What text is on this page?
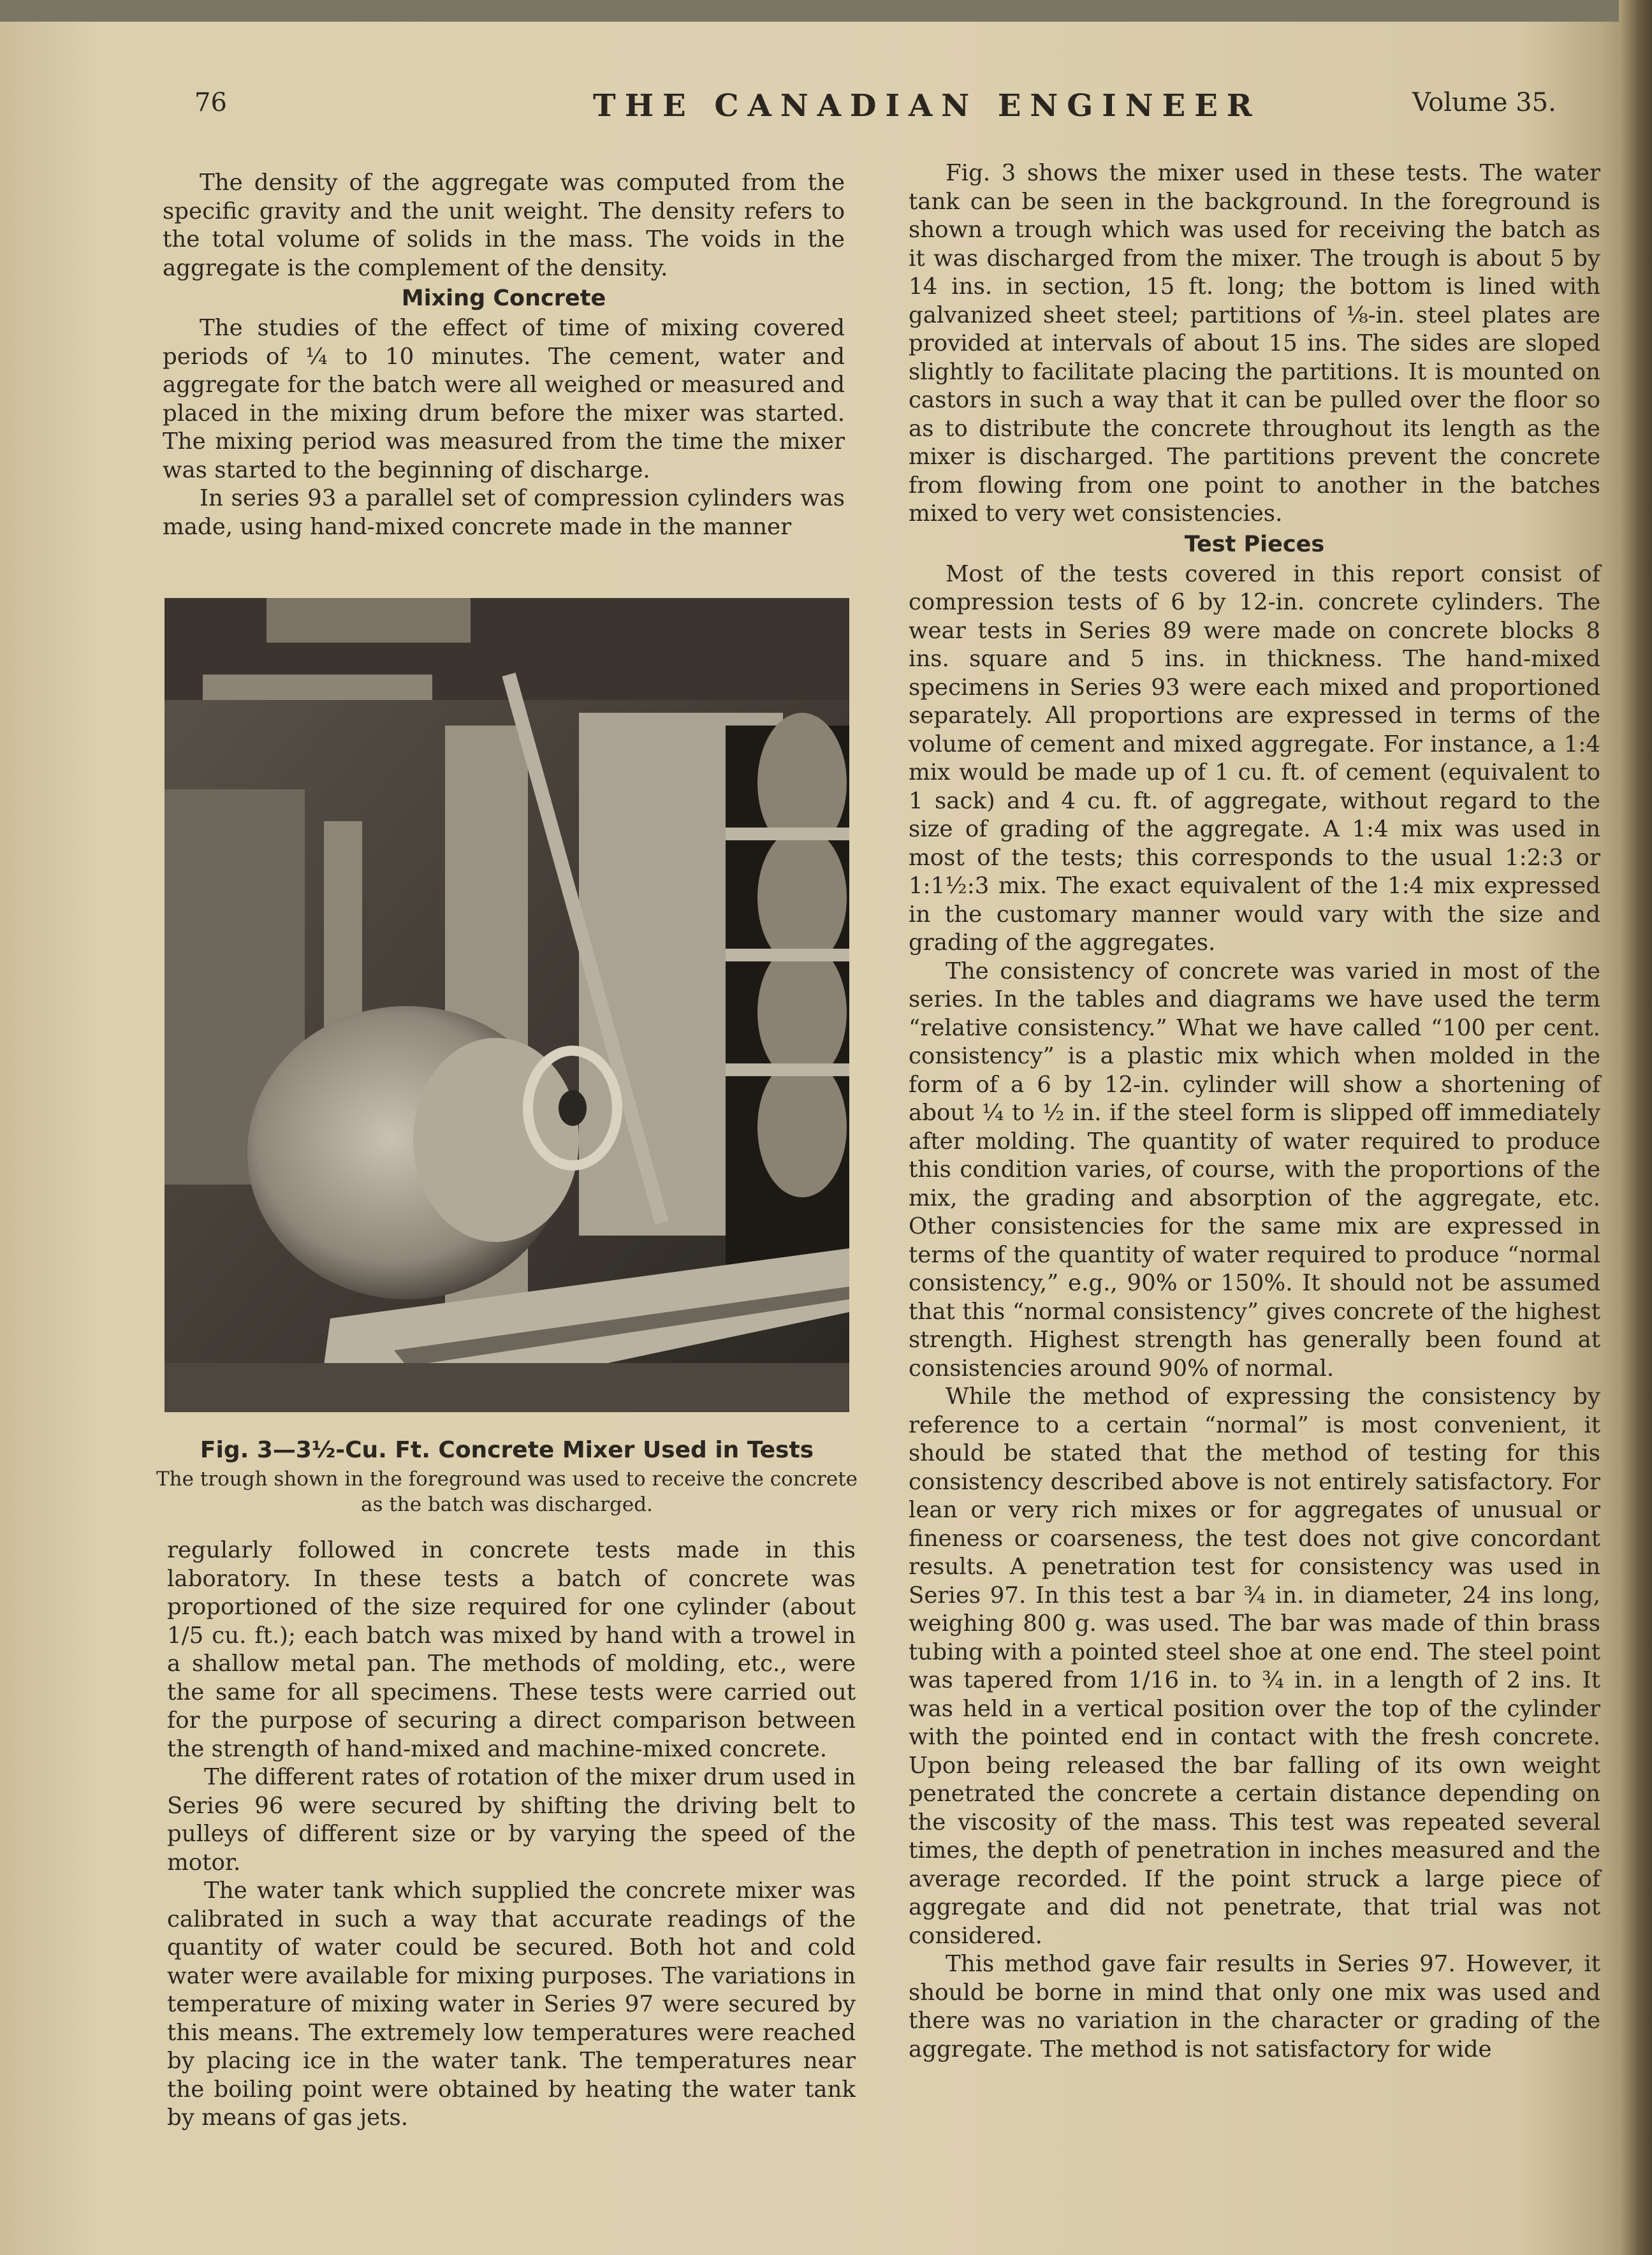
76	THE CANADIAN ENGINEER	Volume 35.

The density of the aggregate was computed from the specific gravity and the unit weight. The density refers to the total volume of solids in the mass. The voids in the aggregate is the complement of the density.

Mixing Concrete

The studies of the effect of time of mixing covered periods of ¼ to 10 minutes. The cement, water and aggregate for the batch were all weighed or measured and placed in the mixing drum before the mixer was started. The mixing period was measured from the time the mixer was started to the beginning of discharge.

In series 93 a parallel set of compression cylinders was made, using hand-mixed concrete made in the manner

Fig. 3—3½-Cu. Ft. Concrete Mixer Used in Tests
The trough shown in the foreground was used to receive the concrete as the batch was discharged.

regularly followed in concrete tests made in this laboratory. In these tests a batch of concrete was proportioned of the size required for one cylinder (about 1/5 cu. ft.); each batch was mixed by hand with a trowel in a shallow metal pan. The methods of molding, etc., were the same for all specimens. These tests were carried out for the purpose of securing a direct comparison between the strength of hand-mixed and machine-mixed concrete.

The different rates of rotation of the mixer drum used in Series 96 were secured by shifting the driving belt to pulleys of different size or by varying the speed of the motor.

The water tank which supplied the concrete mixer was calibrated in such a way that accurate readings of the quantity of water could be secured. Both hot and cold water were available for mixing purposes. The variations in temperature of mixing water in Series 97 were secured by this means. The extremely low temperatures were reached by placing ice in the water tank. The temperatures near the boiling point were obtained by heating the water tank by means of gas jets.

Fig. 3 shows the mixer used in these tests. The water tank can be seen in the background. In the foreground is shown a trough which was used for receiving the batch as it was discharged from the mixer. The trough is about 5 by 14 ins. in section, 15 ft. long; the bottom is lined with galvanized sheet steel; partitions of ⅛-in. steel plates are provided at intervals of about 15 ins. The sides are sloped slightly to facilitate placing the partitions. It is mounted on castors in such a way that it can be pulled over the floor so as to distribute the concrete throughout its length as the mixer is discharged. The partitions prevent the concrete from flowing from one point to another in the batches mixed to very wet consistencies.

Test Pieces

Most of the tests covered in this report consist of compression tests of 6 by 12-in. concrete cylinders. The wear tests in Series 89 were made on concrete blocks 8 ins. square and 5 ins. in thickness. The hand-mixed specimens in Series 93 were each mixed and proportioned separately. All proportions are expressed in terms of the volume of cement and mixed aggregate. For instance, a 1:4 mix would be made up of 1 cu. ft. of cement (equivalent to 1 sack) and 4 cu. ft. of aggregate, without regard to the size of grading of the aggregate. A 1:4 mix was used in most of the tests; this corresponds to the usual 1:2:3 or 1:1½:3 mix. The exact equivalent of the 1:4 mix expressed in the customary manner would vary with the size and grading of the aggregates.

The consistency of concrete was varied in most of the series. In the tables and diagrams we have used the term “relative consistency.” What we have called “100 per cent. consistency” is a plastic mix which when molded in the form of a 6 by 12-in. cylinder will show a shortening of about ¼ to ½ in. if the steel form is slipped off immediately after molding. The quantity of water required to produce this condition varies, of course, with the proportions of the mix, the grading and absorption of the aggregate, etc. Other consistencies for the same mix are expressed in terms of the quantity of water required to produce “normal consistency,” e.g., 90% or 150%. It should not be assumed that this “normal consistency” gives concrete of the highest strength. Highest strength has generally been found at consistencies around 90% of normal.

While the method of expressing the consistency by reference to a certain “normal” is most convenient, it should be stated that the method of testing for this consistency described above is not entirely satisfactory. For lean or very rich mixes or for aggregates of unusual or fineness or coarseness, the test does not give concordant results. A penetration test for consistency was used in Series 97. In this test a bar ¾ in. in diameter, 24 ins long, weighing 800 g. was used. The bar was made of thin brass tubing with a pointed steel shoe at one end. The steel point was tapered from 1/16 in. to ¾ in. in a length of 2 ins. It was held in a vertical position over the top of the cylinder with the pointed end in contact with the fresh concrete. Upon being released the bar falling of its own weight penetrated the concrete a certain distance depending on the viscosity of the mass. This test was repeated several times, the depth of penetration in inches measured and the average recorded. If the point struck a large piece of aggregate and did not penetrate, that trial was not considered.

This method gave fair results in Series 97. However, it should be borne in mind that only one mix was used and there was no variation in the character or grading of the aggregate. The method is not satisfactory for wide
